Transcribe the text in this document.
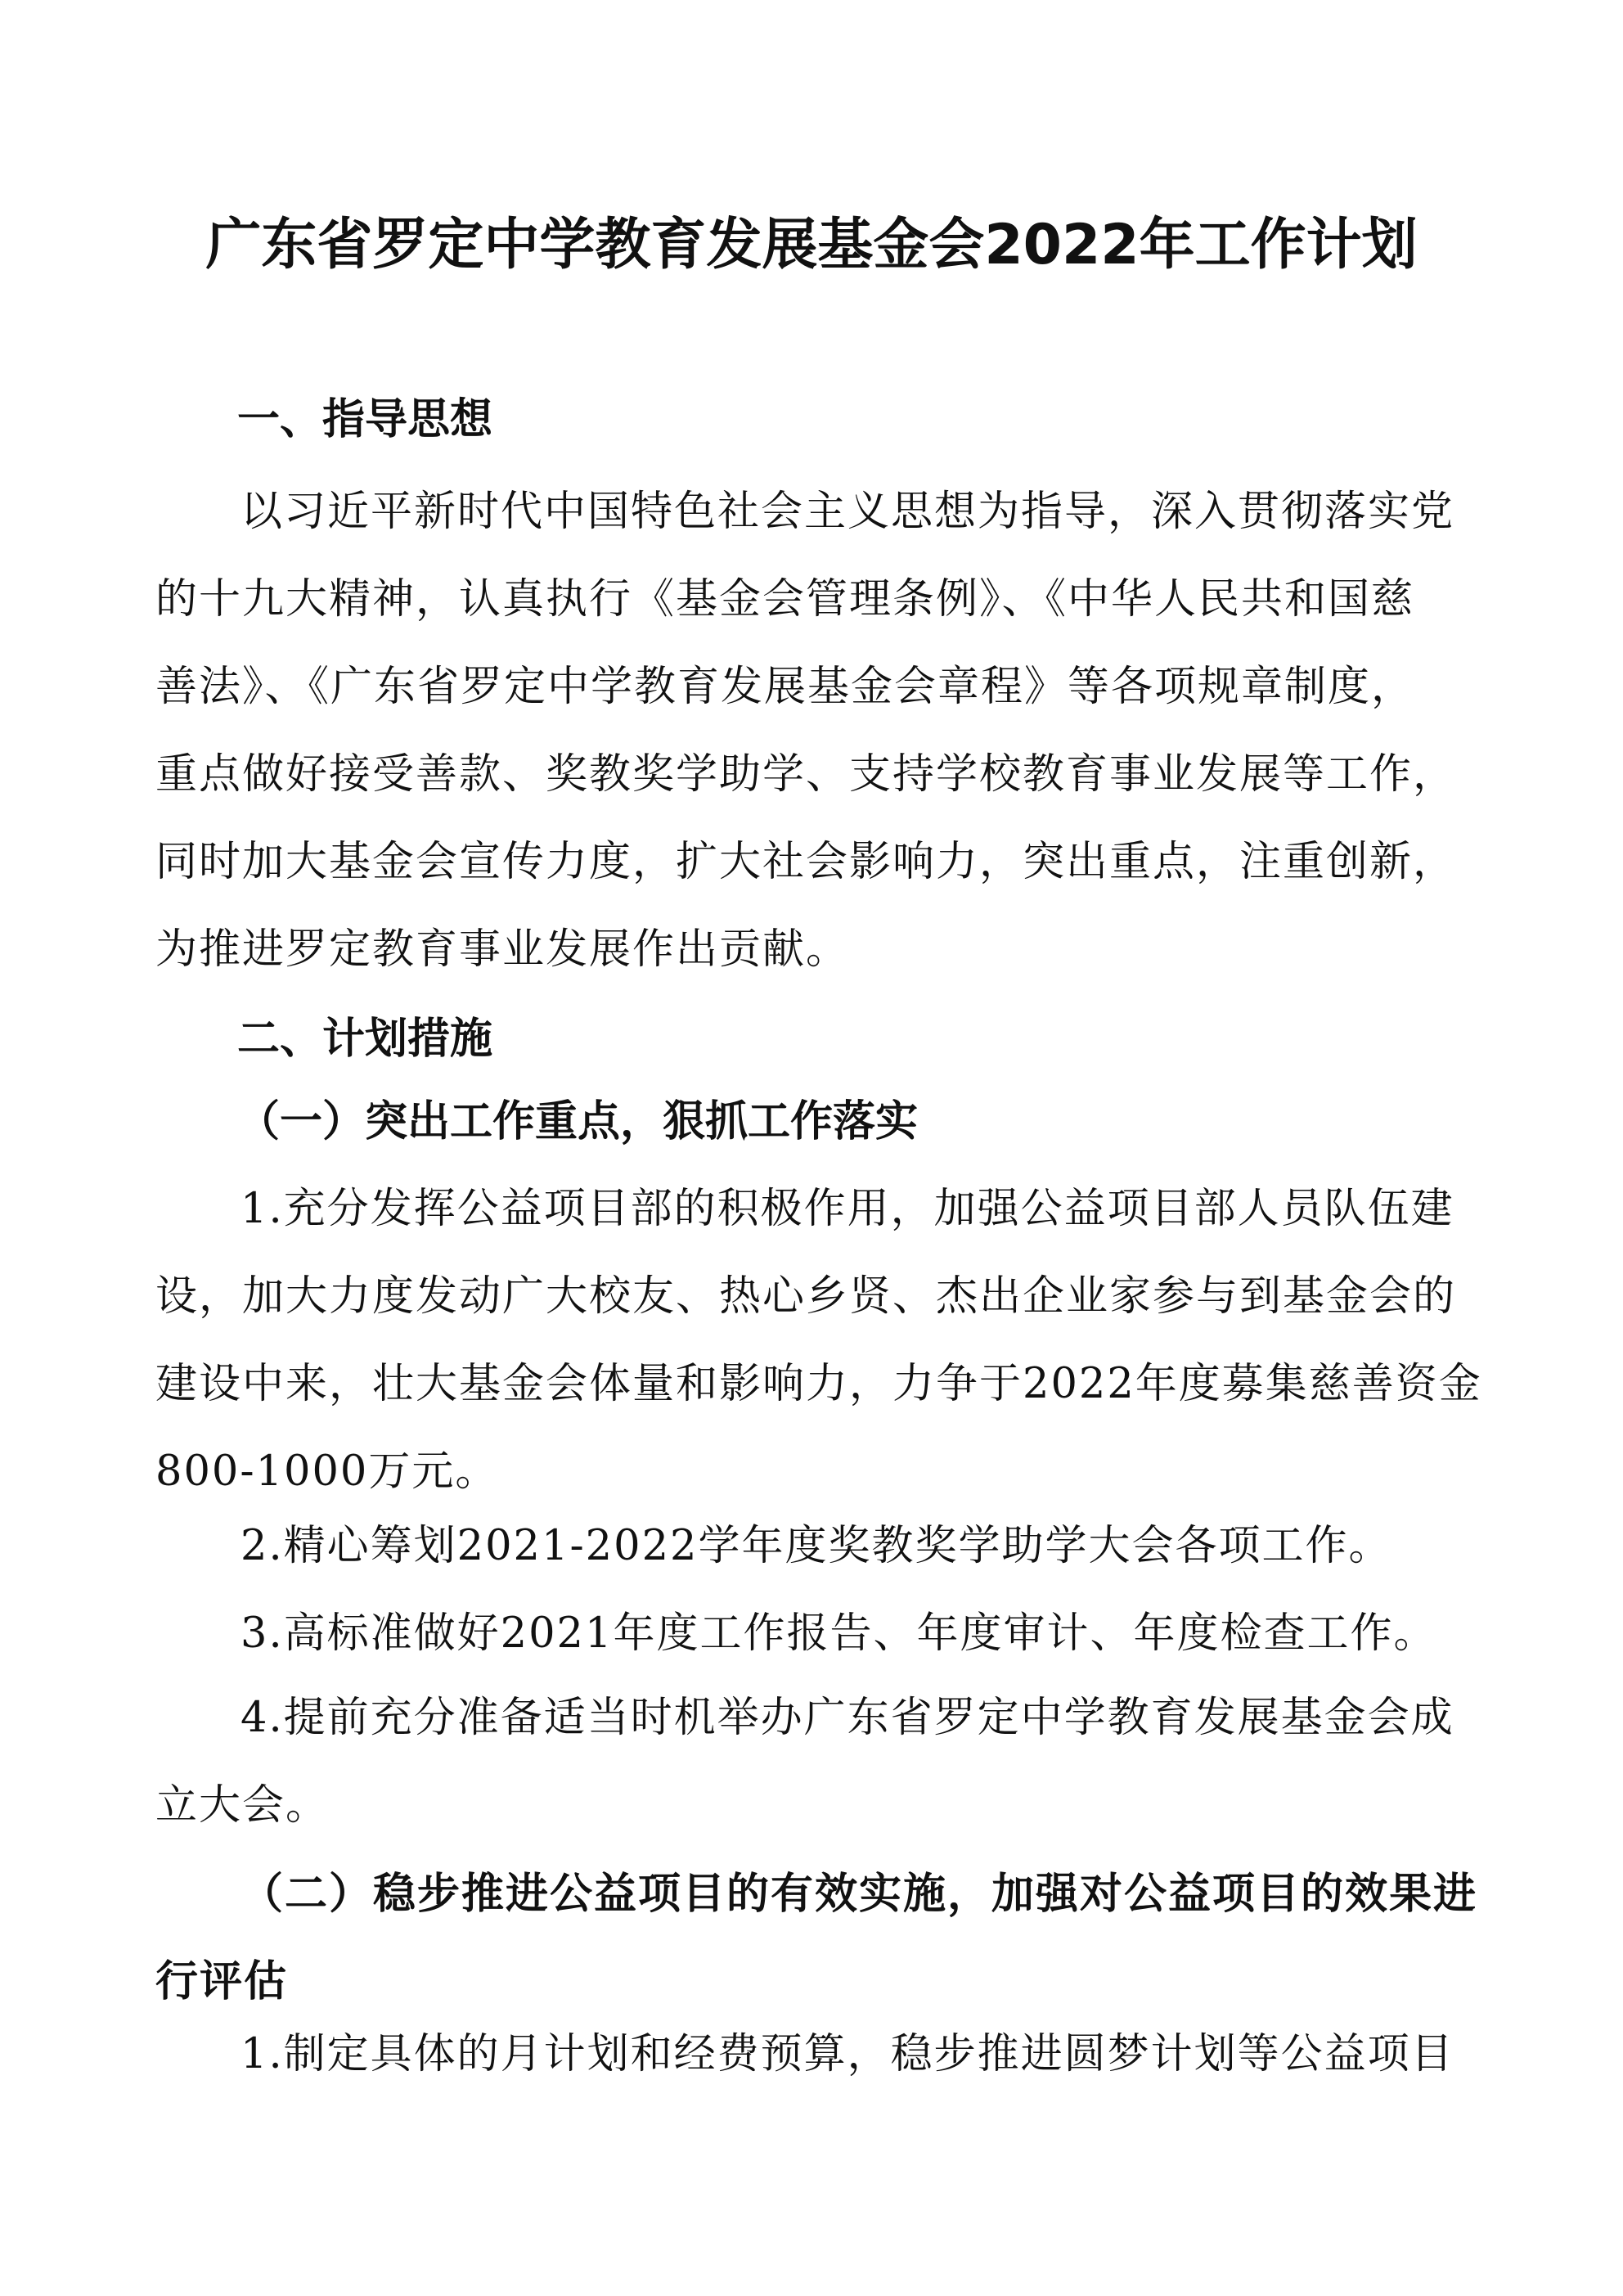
广东省罗定中学教育发展基金会2022年工作计划
一、指导思想
以习近平新时代中国特色社会主义思想为指导，深入贯彻落实党
的十九大精神，认真执行《基金会管理条例》、《中华人民共和国慈
善法》、《广东省罗定中学教育发展基金会章程》等各项规章制度，
重点做好接受善款、奖教奖学助学、支持学校教育事业发展等工作，
同时加大基金会宣传力度，扩大社会影响力，突出重点，注重创新，
为推进罗定教育事业发展作出贡献。
二、计划措施
（一）突出工作重点，狠抓工作落实
1.充分发挥公益项目部的积极作用，加强公益项目部人员队伍建
设，加大力度发动广大校友、热心乡贤、杰出企业家参与到基金会的
建设中来，壮大基金会体量和影响力，力争于2022年度募集慈善资金
800-1000万元。
2.精心筹划2021-2022学年度奖教奖学助学大会各项工作。
3.高标准做好2021年度工作报告、年度审计、年度检查工作。
4.提前充分准备适当时机举办广东省罗定中学教育发展基金会成
立大会。
（二）稳步推进公益项目的有效实施，加强对公益项目的效果进
行评估
1.制定具体的月计划和经费预算，稳步推进圆梦计划等公益项目
